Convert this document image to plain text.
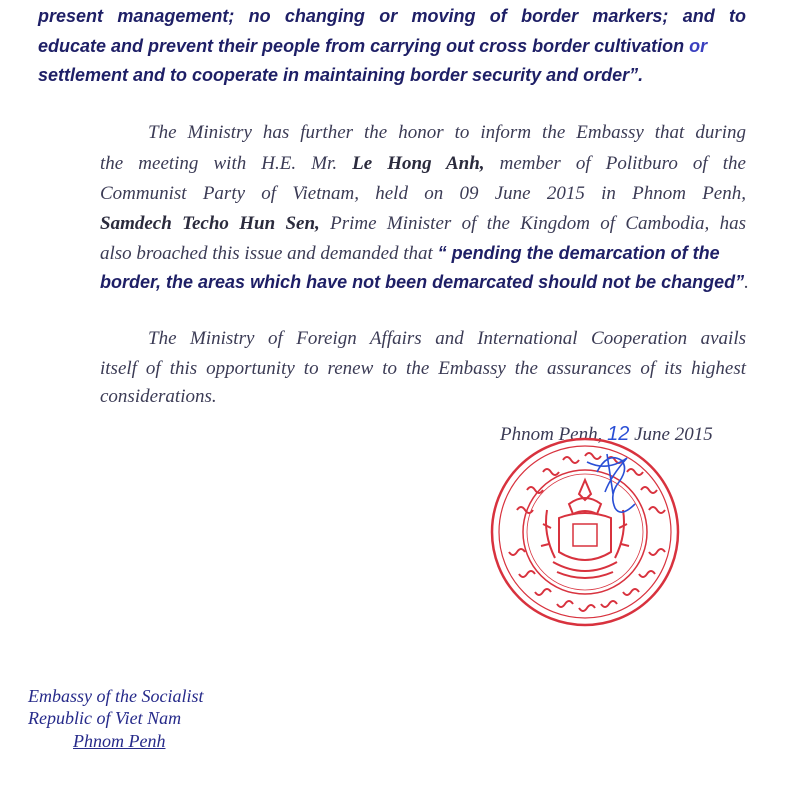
present management; no changing or moving of border markers; and to
educate and prevent their people from carrying out cross border cultivation or
settlement and to cooperate in maintaining border security and order”.
The Ministry has further the honor to inform the Embassy that during
the meeting with H.E. Mr. Le Hong Anh, member of Politburo of the
Communist Party of Vietnam, held on 09 June 2015 in Phnom Penh,
Samdech Techo Hun Sen, Prime Minister of the Kingdom of Cambodia, has
also broached this issue and demanded that “ pending the demarcation of the
border, the areas which have not been demarcated should not be changed”.
The Ministry of Foreign Affairs and International Cooperation avails
itself of this opportunity to renew to the Embassy the assurances of its highest
considerations.
Phnom Penh, 12 June 2015
Embassy of the Socialist
Republic of Viet Nam
Phnom Penh
